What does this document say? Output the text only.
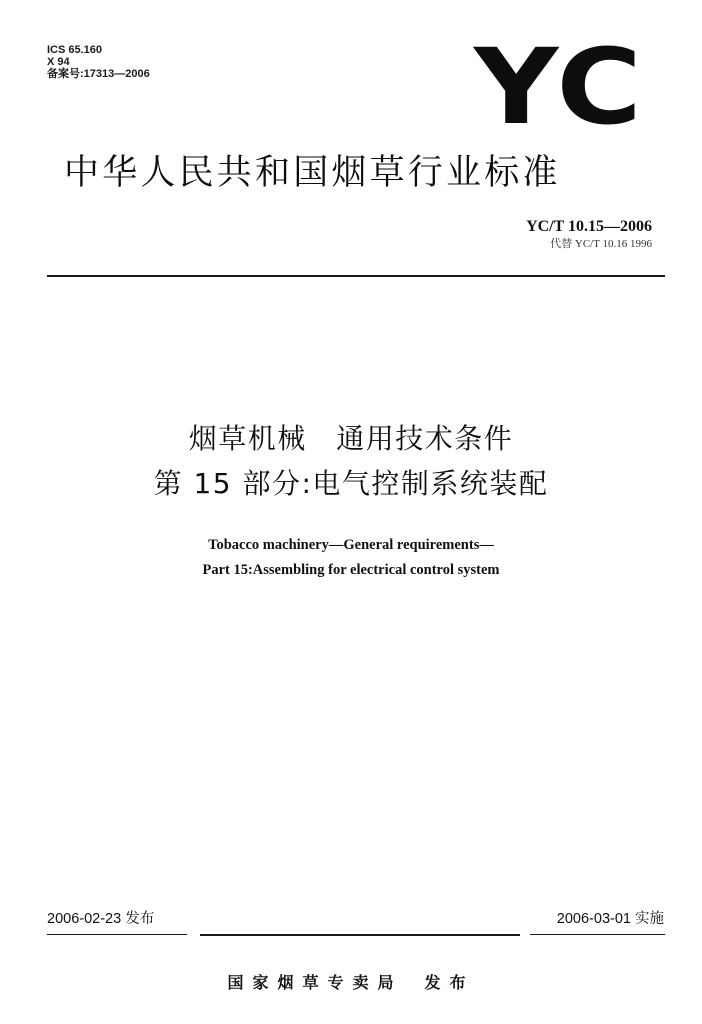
ICS 65.160
X 94
备案号:17313—2006	YC
中华人民共和国烟草行业标准
YC/T 10.15—2006
代替 YC/T 10.16 1996
烟草机械　通用技术条件
第 15 部分:电气控制系统装配
Tobacco machinery—General requirements—
Part 15:Assembling for electrical control system
2006-02-23 发布	2006-03-01 实施
国家烟草专卖局 发布
